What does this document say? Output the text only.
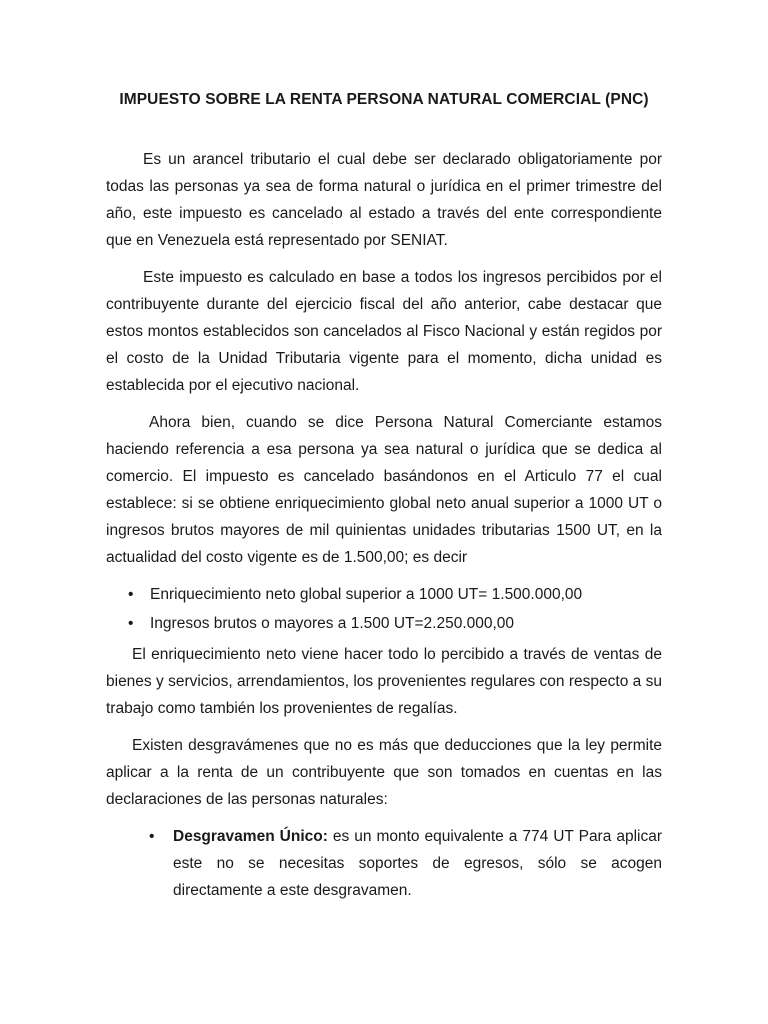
IMPUESTO SOBRE LA RENTA PERSONA NATURAL COMERCIAL (PNC)

Es un arancel tributario el cual debe ser declarado obligatoriamente por todas las personas ya sea de forma natural o jurídica en el primer trimestre del año, este impuesto es cancelado al estado a través del ente correspondiente que en Venezuela está representado por SENIAT.

Este impuesto es calculado en base a todos los ingresos percibidos por el contribuyente durante del ejercicio fiscal del año anterior, cabe destacar que estos montos establecidos son cancelados al Fisco Nacional y están regidos por el costo de la Unidad Tributaria vigente para el momento, dicha unidad es establecida por el ejecutivo nacional.

Ahora bien, cuando se dice Persona Natural Comerciante estamos haciendo referencia a esa persona ya sea natural o jurídica que se dedica al comercio. El impuesto es cancelado basándonos en el Articulo 77 el cual establece: si se obtiene enriquecimiento global neto anual superior a 1000 UT o ingresos brutos mayores de mil quinientas unidades tributarias 1500 UT, en la actualidad del costo vigente es de 1.500,00; es decir

• Enriquecimiento neto global superior a 1000 UT= 1.500.000,00
• Ingresos brutos o mayores a 1.500 UT=2.250.000,00

El enriquecimiento neto viene hacer todo lo percibido a través de ventas de bienes y servicios, arrendamientos, los provenientes regulares con respecto a su trabajo como también los provenientes de regalías.

Existen desgravámenes que no es más que deducciones que la ley permite aplicar a la renta de un contribuyente que son tomados en cuentas en las declaraciones de las personas naturales:

• Desgravamen Único: es un monto equivalente a 774 UT Para aplicar este no se necesitas soportes de egresos, sólo se acogen directamente a este desgravamen.
